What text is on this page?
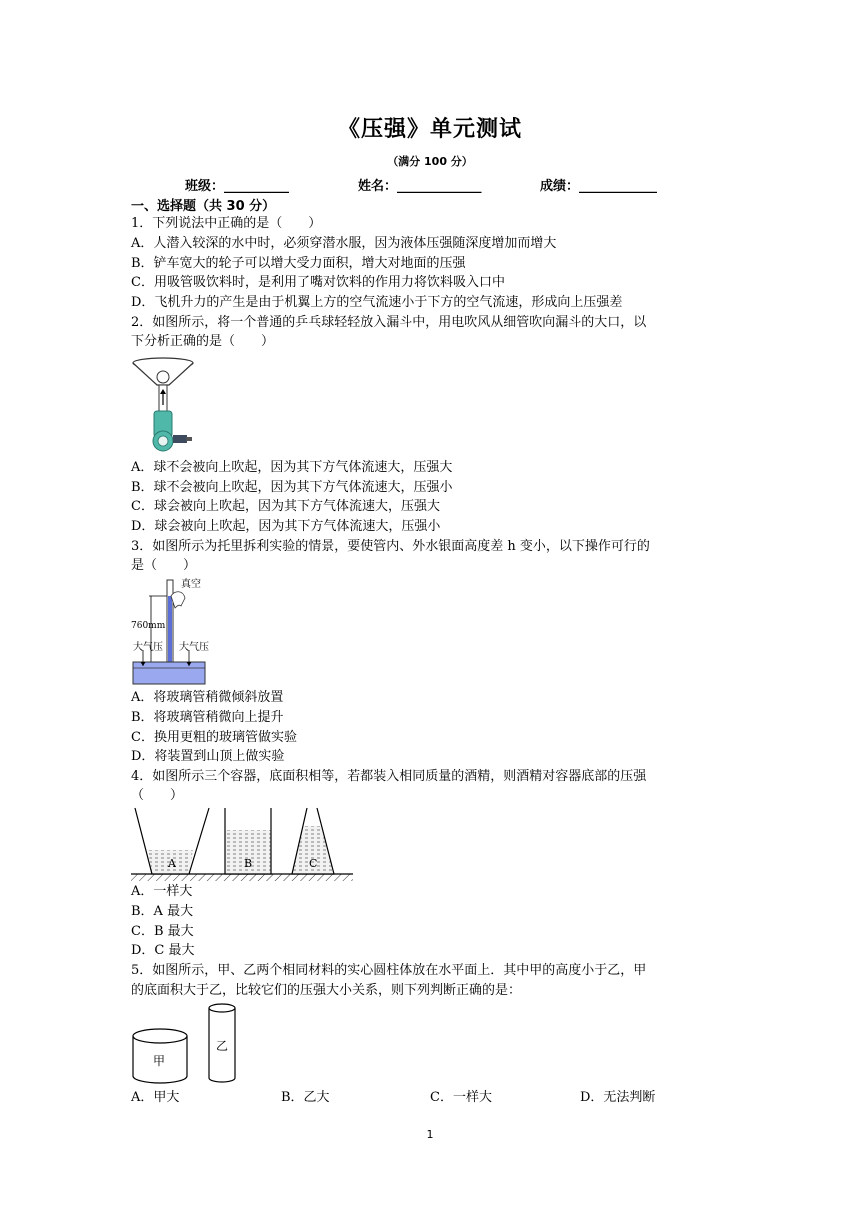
《压强》单元测试
（满分 100 分）
班级：__________	姓名：_____________	成绩：____________
一、选择题（共 30 分）
1．下列说法中正确的是（　　）
A．人潜入较深的水中时，必须穿潜水服，因为液体压强随深度增加而增大
B．铲车宽大的轮子可以增大受力面积，增大对地面的压强
C．用吸管吸饮料时，是利用了嘴对饮料的作用力将饮料吸入口中
D．飞机升力的产生是由于机翼上方的空气流速小于下方的空气流速，形成向上压强差
2．如图所示，将一个普通的乒乓球轻轻放入漏斗中，用电吹风从细管吹向漏斗的大口，以
下分析正确的是（　　）
A．球不会被向上吹起，因为其下方气体流速大，压强大
B．球不会被向上吹起，因为其下方气体流速大，压强小
C．球会被向上吹起，因为其下方气体流速大，压强大
D．球会被向上吹起，因为其下方气体流速大，压强小
3．如图所示为托里拆利实验的情景，要使管内、外水银面高度差 h 变小，以下操作可行的
是（　　）
真空
760mm
大气压 大气压
A．将玻璃管稍微倾斜放置
B．将玻璃管稍微向上提升
C．换用更粗的玻璃管做实验
D．将装置到山顶上做实验
4．如图所示三个容器，底面积相等，若都装入相同质量的酒精，则酒精对容器底部的压强
（　　）
A	B	C
A．一样大
B．A 最大
C．B 最大
D．C 最大
5．如图所示，甲、乙两个相同材料的实心圆柱体放在水平面上．其中甲的高度小于乙，甲
的底面积大于乙，比较它们的压强大小关系，则下列判断正确的是：
甲
乙
A．甲大	B．乙大	C．一样大	D．无法判断
1
